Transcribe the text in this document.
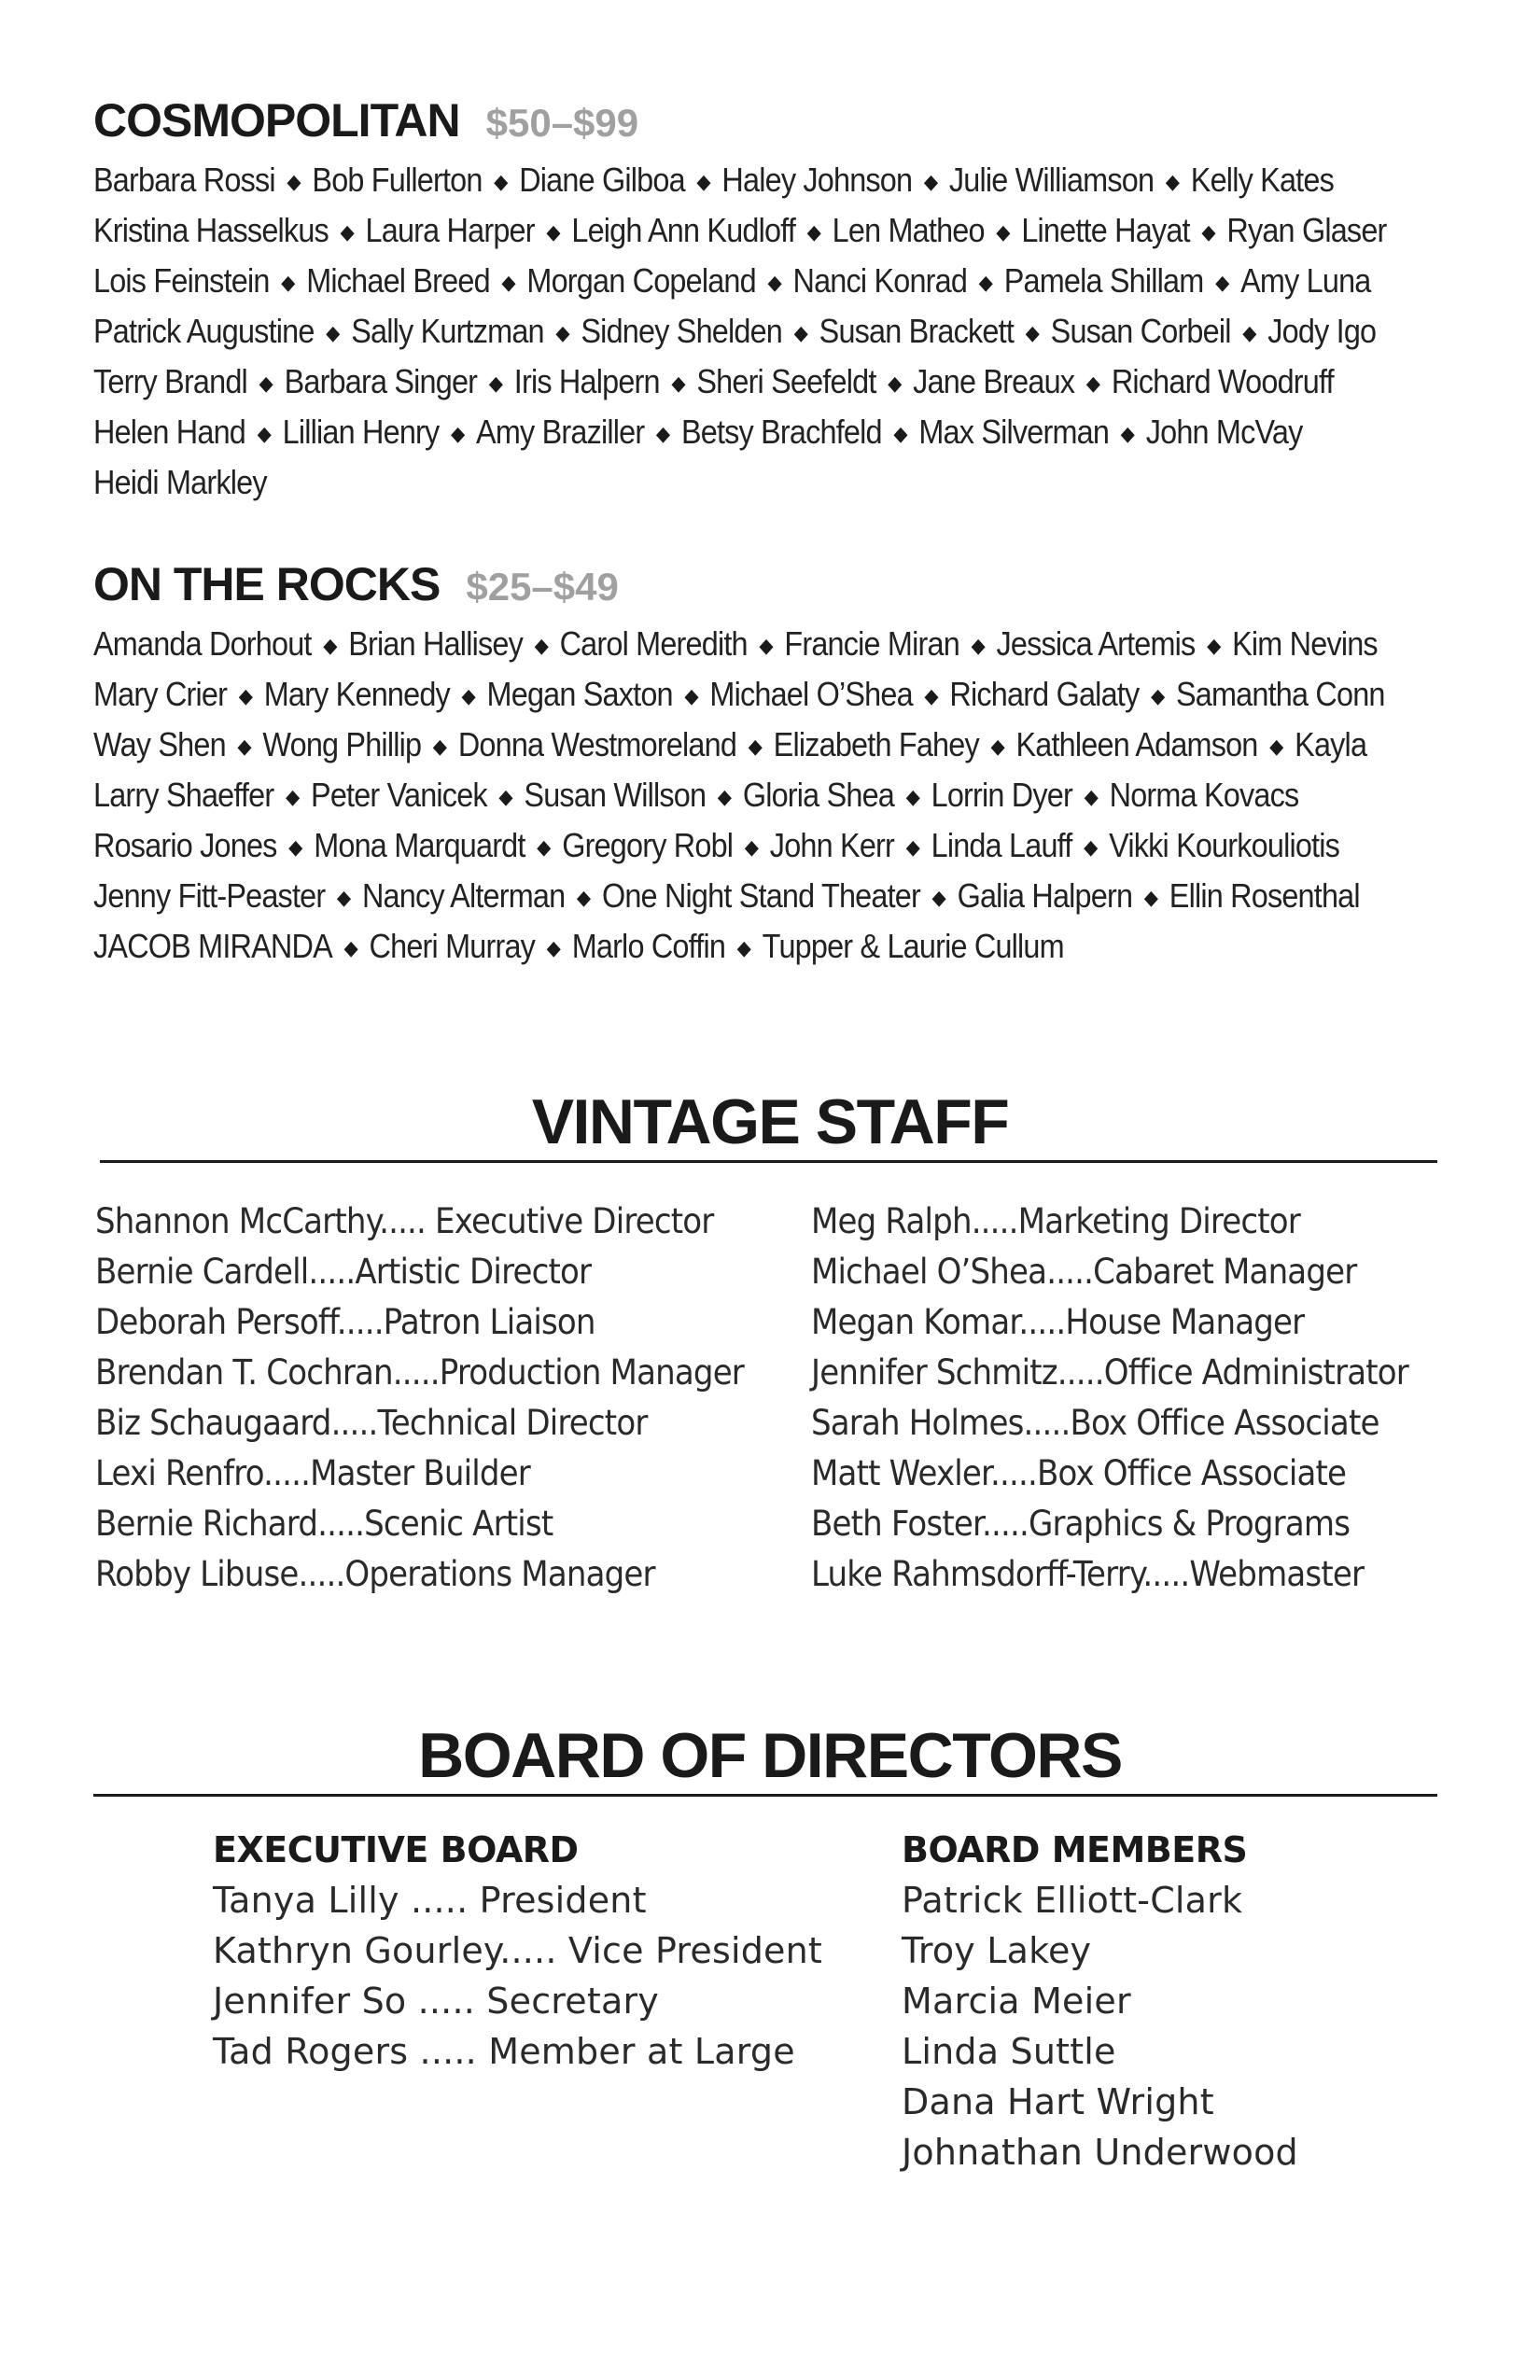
COSMOPOLITAN $50–$99
Barbara Rossi ◆ Bob Fullerton ◆ Diane Gilboa ◆ Haley Johnson ◆ Julie Williamson ◆ Kelly Kates
Kristina Hasselkus ◆ Laura Harper ◆ Leigh Ann Kudloff ◆ Len Matheo ◆ Linette Hayat ◆ Ryan Glaser
Lois Feinstein ◆ Michael Breed ◆ Morgan Copeland ◆ Nanci Konrad ◆ Pamela Shillam ◆ Amy Luna
Patrick Augustine ◆ Sally Kurtzman ◆ Sidney Shelden ◆ Susan Brackett ◆ Susan Corbeil ◆ Jody Igo
Terry Brandl ◆ Barbara Singer ◆ Iris Halpern ◆ Sheri Seefeldt ◆ Jane Breaux ◆ Richard Woodruff
Helen Hand ◆ Lillian Henry ◆ Amy Braziller ◆ Betsy Brachfeld ◆ Max Silverman ◆ John McVay
Heidi Markley
ON THE ROCKS $25–$49
Amanda Dorhout ◆ Brian Hallisey ◆ Carol Meredith ◆ Francie Miran ◆ Jessica Artemis ◆ Kim Nevins
Mary Crier ◆ Mary Kennedy ◆ Megan Saxton ◆ Michael O’Shea ◆ Richard Galaty ◆ Samantha Conn
Way Shen ◆ Wong Phillip ◆ Donna Westmoreland ◆ Elizabeth Fahey ◆ Kathleen Adamson ◆ Kayla
Larry Shaeffer ◆ Peter Vanicek ◆ Susan Willson ◆ Gloria Shea ◆ Lorrin Dyer ◆ Norma Kovacs
Rosario Jones ◆ Mona Marquardt ◆ Gregory Robl ◆ John Kerr ◆ Linda Lauff ◆ Vikki Kourkouliotis
Jenny Fitt-Peaster ◆ Nancy Alterman ◆ One Night Stand Theater ◆ Galia Halpern ◆ Ellin Rosenthal
JACOB MIRANDA ◆ Cheri Murray ◆ Marlo Coffin ◆ Tupper & Laurie Cullum
VINTAGE STAFF
Shannon McCarthy..... Executive Director
Bernie Cardell.....Artistic Director
Deborah Persoff.....Patron Liaison
Brendan T. Cochran.....Production Manager
Biz Schaugaard.....Technical Director
Lexi Renfro.....Master Builder
Bernie Richard.....Scenic Artist
Robby Libuse.....Operations Manager
Meg Ralph.....Marketing Director
Michael O’Shea.....Cabaret Manager
Megan Komar.....House Manager
Jennifer Schmitz.....Office Administrator
Sarah Holmes.....Box Office Associate
Matt Wexler.....Box Office Associate
Beth Foster.....Graphics & Programs
Luke Rahmsdorff-Terry.....Webmaster
BOARD OF DIRECTORS
EXECUTIVE BOARD
Tanya Lilly ..... President
Kathryn Gourley..... Vice President
Jennifer So ..... Secretary
Tad Rogers ..... Member at Large
BOARD MEMBERS
Patrick Elliott-Clark
Troy Lakey
Marcia Meier
Linda Suttle
Dana Hart Wright
Johnathan Underwood
